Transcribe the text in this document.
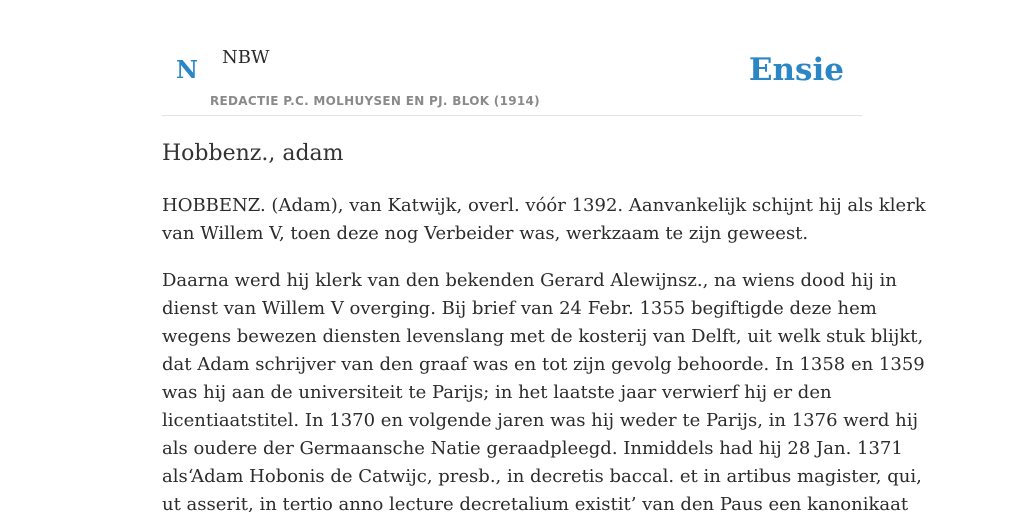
N NBW
REDACTIE P.C. MOLHUYSEN EN PJ. BLOK (1914)
Ensie
Hobbenz., adam

HOBBENZ. (Adam), van Katwijk, overl. vóór 1392. Aanvankelijk schijnt hij als klerk
van Willem V, toen deze nog Verbeider was, werkzaam te zijn geweest.

Daarna werd hij klerk van den bekenden Gerard Alewijnsz., na wiens dood hij in
dienst van Willem V overging. Bij brief van 24 Febr. 1355 begiftigde deze hem
wegens bewezen diensten levenslang met de kosterij van Delft, uit welk stuk blijkt,
dat Adam schrijver van den graaf was en tot zijn gevolg behoorde. In 1358 en 1359
was hij aan de universiteit te Parijs; in het laatste jaar verwierf hij er den
licentiaatstitel. In 1370 en volgende jaren was hij weder te Parijs, in 1376 werd hij
als oudere der Germaansche Natie geraadpleegd. Inmiddels had hij 28 Jan. 1371
als‘Adam Hobonis de Catwijc, presb., in decretis baccal. et in artibus magister, qui,
ut asserit, in tertio anno lecture decretalium existit’ van den Paus een kanonikaat
